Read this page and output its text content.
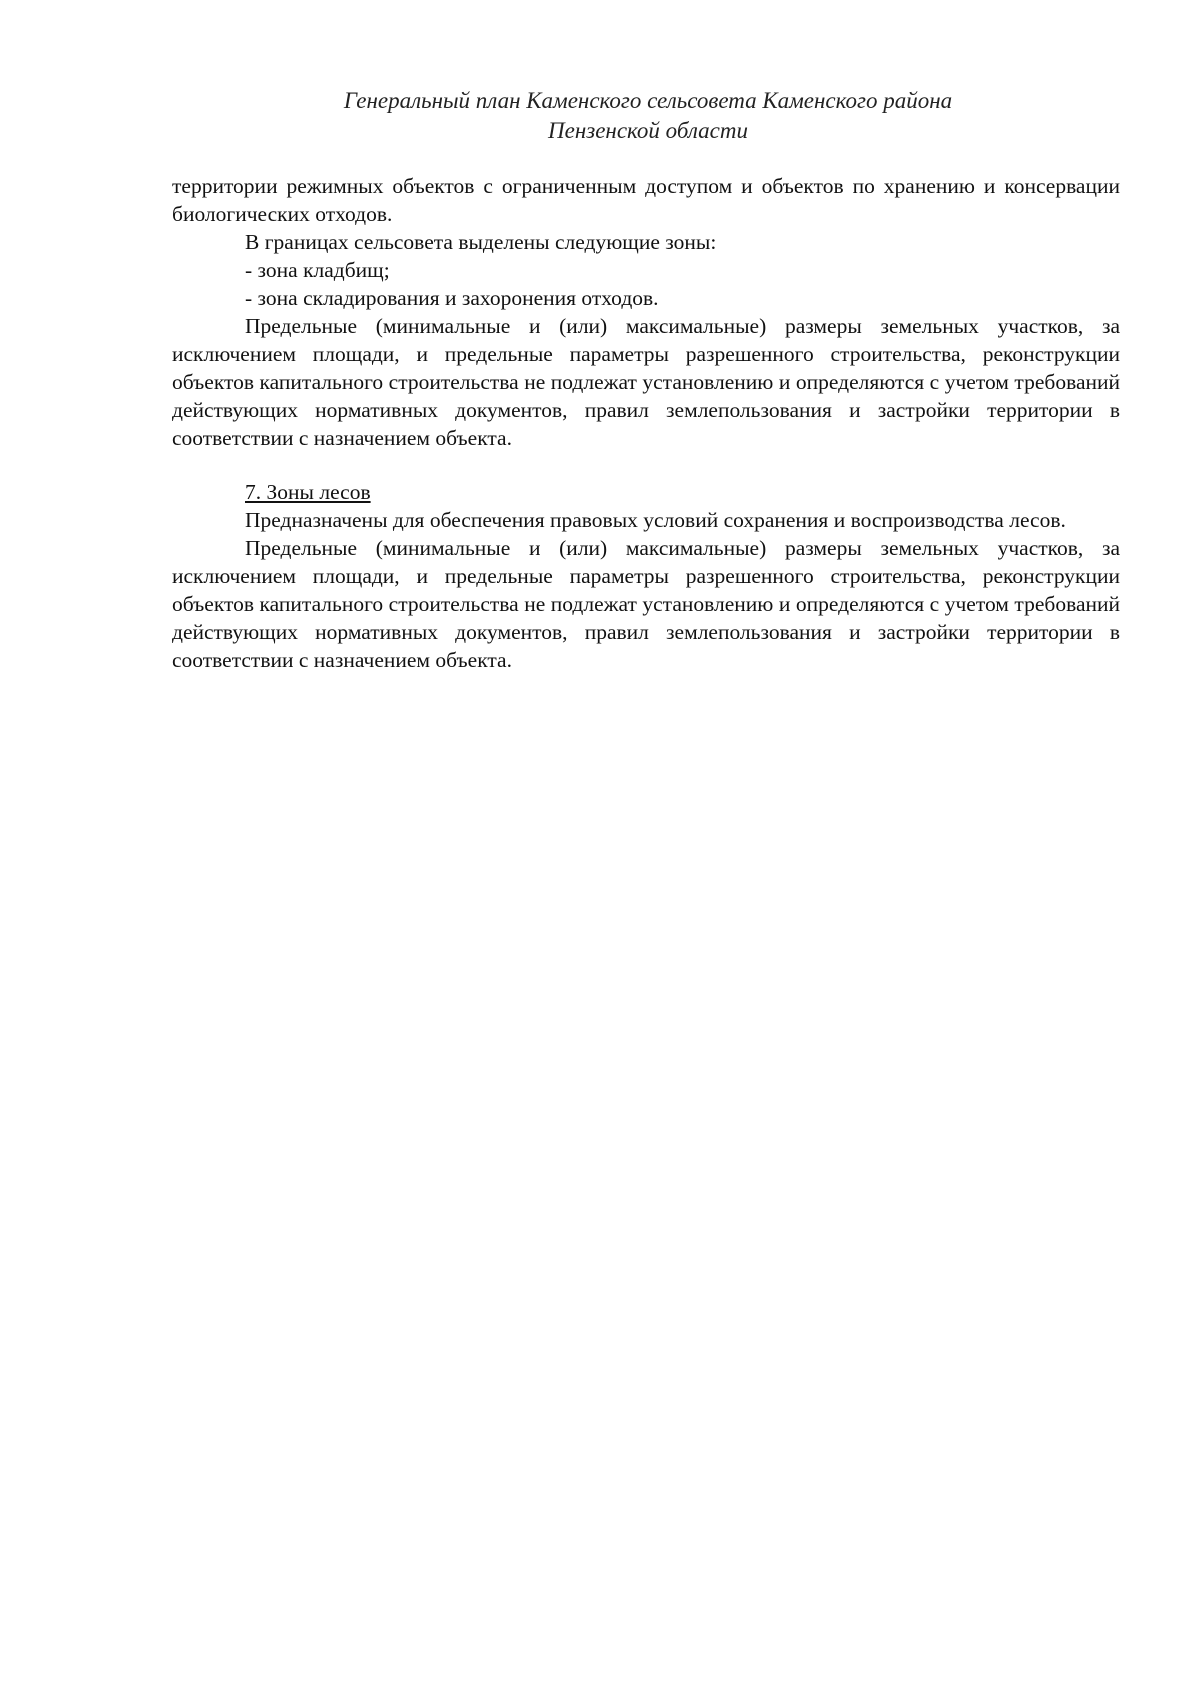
Генеральный план Каменского сельсовета Каменского района
Пензенской области

территории режимных объектов с ограниченным доступом и объектов по хранению и консервации биологических отходов.

В границах сельсовета выделены следующие зоны:

- зона кладбищ;

- зона складирования и захоронения отходов.

Предельные (минимальные и (или) максимальные) размеры земельных участков, за исключением площади, и предельные параметры разрешенного строительства, реконструкции объектов капитального строительства не подлежат установлению и определяются с учетом требований действующих нормативных документов, правил землепользования и застройки территории в соответствии с назначением объекта.

7. Зоны лесов

Предназначены для обеспечения правовых условий сохранения и воспроизводства лесов.

Предельные (минимальные и (или) максимальные) размеры земельных участков, за исключением площади, и предельные параметры разрешенного строительства, реконструкции объектов капитального строительства не подлежат установлению и определяются с учетом требований действующих нормативных документов, правил землепользования и застройки территории в соответствии с назначением объекта.
